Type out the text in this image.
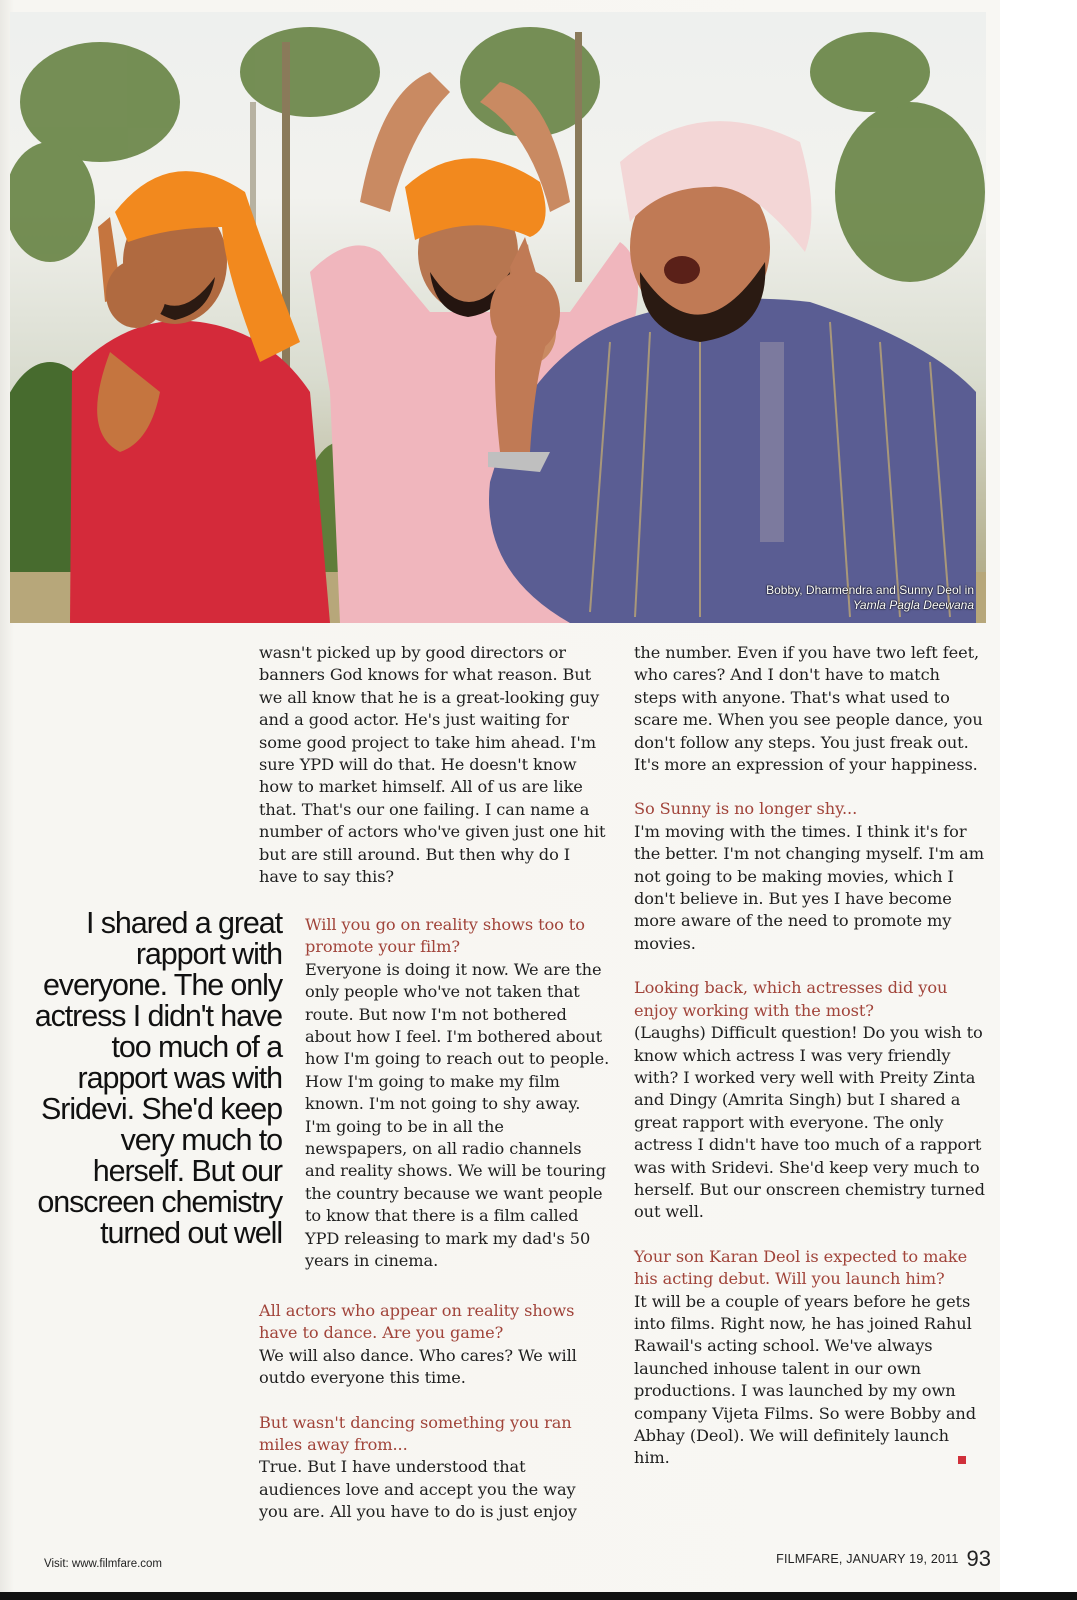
Bobby, Dharmendra and Sunny Deol in
Yamla Pagla Deewana

wasn't picked up by good directors or banners God knows for what reason. But we all know that he is a great-looking guy and a good actor. He's just waiting for some good project to take him ahead. I'm sure YPD will do that. He doesn't know how to market himself. All of us are like that. That's our one failing. I can name a number of actors who've given just one hit but are still around. But then why do I have to say this?

I shared a great rapport with everyone. The only actress I didn't have too much of a rapport was with Sridevi. She'd keep very much to herself. But our onscreen chemistry turned out well

Will you go on reality shows too to promote your film?

Everyone is doing it now. We are the only people who've not taken that route. But now I'm not bothered about how I feel. I'm bothered about how I'm going to reach out to people. How I'm going to make my film known. I'm not going to shy away. I'm going to be in all the newspapers, on all radio channels and reality shows. We will be touring the country because we want people to know that there is a film called YPD releasing to mark my dad's 50 years in cinema.

All actors who appear on reality shows have to dance. Are you game?

We will also dance. Who cares? We will outdo everyone this time.

But wasn't dancing something you ran miles away from...

True. But I have understood that audiences love and accept you the way you are. All you have to do is just enjoy

the number. Even if you have two left feet, who cares? And I don't have to match steps with anyone. That's what used to scare me. When you see people dance, you don't follow any steps. You just freak out. It's more an expression of your happiness.

So Sunny is no longer shy...

I'm moving with the times. I think it's for the better. I'm not changing myself. I'm am not going to be making movies, which I don't believe in. But yes I have become more aware of the need to promote my movies.

Looking back, which actresses did you enjoy working with the most?

(Laughs) Difficult question! Do you wish to know which actress I was very friendly with? I worked very well with Preity Zinta and Dingy (Amrita Singh) but I shared a great rapport with everyone. The only actress I didn't have too much of a rapport was with Sridevi. She'd keep very much to herself. But our onscreen chemistry turned out well.

Your son Karan Deol is expected to make his acting debut. Will you launch him?

It will be a couple of years before he gets into films. Right now, he has joined Rahul Rawail's acting school. We've always launched inhouse talent in our own productions. I was launched by my own company Vijeta Films. So were Bobby and Abhay (Deol). We will definitely launch him.

Visit: www.filmfare.com	FILMFARE, JANUARY 19, 2011 93
